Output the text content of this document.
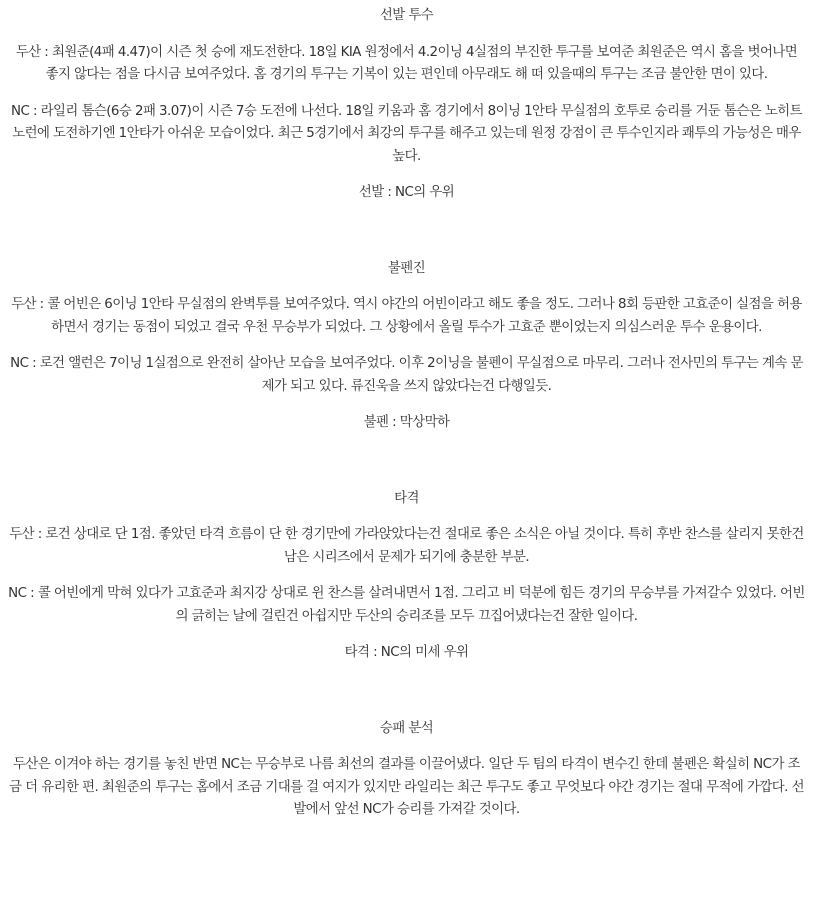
선발 투수

두산 : 최원준(4패 4.47)이 시즌 첫 승에 재도전한다. 18일 KIA 원정에서 4.2이닝 4실점의 부진한 투구를 보여준 최원준은 역시 홈을 벗어나면 좋지 않다는 점을 다시금 보여주었다. 홈 경기의 투구는 기복이 있는 편인데 아무래도 해 떠 있을때의 투구는 조금 불안한 면이 있다.

NC : 라일리 톰슨(6승 2패 3.07)이 시즌 7승 도전에 나선다. 18일 키움과 홈 경기에서 8이닝 1안타 무실점의 호투로 승리를 거둔 톰슨은 노히트 노런에 도전하기엔 1안타가 아쉬운 모습이었다. 최근 5경기에서 최강의 투구를 해주고 있는데 원정 강점이 큰 투수인지라 쾌투의 가능성은 매우 높다.

선발 : NC의 우위

불펜진

두산 : 콜 어빈은 6이닝 1안타 무실점의 완벽투를 보여주었다. 역시 야간의 어빈이라고 해도 좋을 정도. 그러나 8회 등판한 고효준이 실점을 허용하면서 경기는 동점이 되었고 결국 우천 무승부가 되었다. 그 상황에서 올릴 투수가 고효준 뿐이었는지 의심스러운 투수 운용이다.

NC : 로건 앨런은 7이닝 1실점으로 완전히 살아난 모습을 보여주었다. 이후 2이닝을 불펜이 무실점으로 마무리. 그러나 전사민의 투구는 계속 문제가 되고 있다. 류진욱을 쓰지 않았다는건 다행일듯.

불펜 : 막상막하

타격

두산 : 로건 상대로 단 1점. 좋았던 타격 흐름이 단 한 경기만에 가라앉았다는건 절대로 좋은 소식은 아닐 것이다. 특히 후반 찬스를 살리지 못한건 남은 시리즈에서 문제가 되기에 충분한 부분.

NC : 콜 어빈에게 막혀 있다가 고효준과 최지강 상대로 윈 찬스를 살려내면서 1점. 그리고 비 덕분에 힘든 경기의 무승부를 가져갈수 있었다. 어빈의 긁히는 날에 걸린건 아쉽지만 두산의 승리조를 모두 끄집어냈다는건 잘한 일이다.

타격 : NC의 미세 우위

승패 분석

두산은 이겨야 하는 경기를 놓친 반면 NC는 무승부로 나름 최선의 결과를 이끌어냈다. 일단 두 팀의 타격이 변수긴 한데 불펜은 확실히 NC가 조금 더 유리한 편. 최원준의 투구는 홈에서 조금 기대를 걸 여지가 있지만 라일리는 최근 투구도 좋고 무엇보다 야간 경기는 절대 무적에 가깝다. 선발에서 앞선 NC가 승리를 가져갈 것이다.
